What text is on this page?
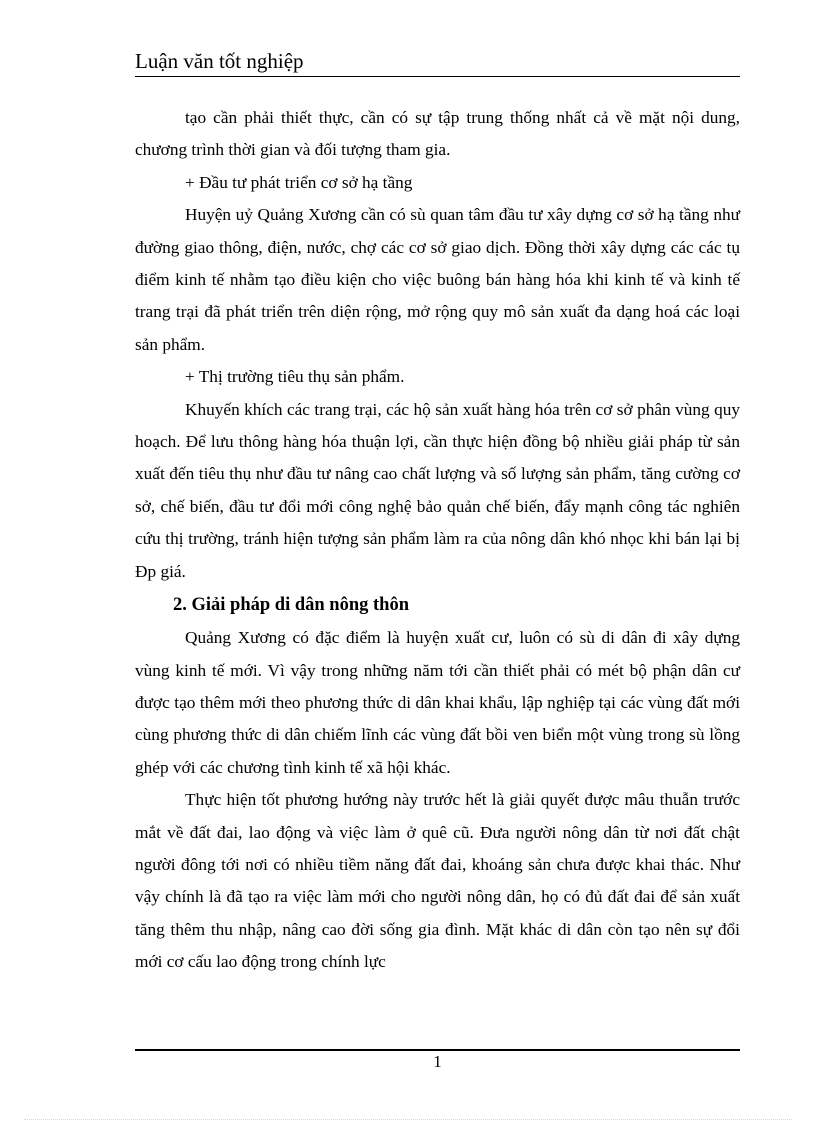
Luận văn tốt nghiệp

tạo cần phải thiết thực, cần có sự tập trung thống nhất cả về mặt nội dung, chương trình thời gian và đối tượng tham gia.

+ Đầu tư phát triển cơ sở hạ tầng

Huyện uỷ Quảng Xương cần có sù quan tâm đầu tư xây dựng cơ sở hạ tầng như đường giao thông, điện, nước, chợ các cơ sở giao dịch. Đồng thời xây dựng các các tụ điểm kinh tế nhằm tạo điều kiện cho việc buông bán hàng hóa khi kinh tế và kinh tế trang trại đã phát triển trên diện rộng, mở rộng quy mô sản xuất đa dạng hoá các loại sản phẩm.

+ Thị trường tiêu thụ sản phẩm.

Khuyến khích các trang trại, các hộ sản xuất hàng hóa trên cơ sở phân vùng quy hoạch. Để lưu thông hàng hóa thuận lợi, cần thực hiện đồng bộ nhiều giải pháp từ sản xuất đến tiêu thụ như đầu tư nâng cao chất lượng và số lượng sản phẩm, tăng cường cơ sở, chế biến, đầu tư đổi mới công nghệ bảo quản chế biến, đẩy mạnh công tác nghiên cứu thị trường, tránh hiện tượng sản phẩm làm ra của nông dân khó nhọc khi bán lại bị Đp giá.

2. Giải pháp di dân nông thôn

Quảng Xương có đặc điểm là huyện xuất cư, luôn có sù di dân đi xây dựng vùng kinh tế mới. Vì vậy trong những năm tới cần thiết phải có mét bộ phận dân cư được tạo thêm mới theo phương thức di dân khai khẩu, lập nghiệp tại các vùng đất mới cùng phương thức di dân chiếm lĩnh các vùng đất bồi ven biển một vùng trong sù lồng ghép với các chương tình kinh tế xã hội khác.

Thực hiện tốt phương hướng này trước hết là giải quyết được mâu thuẫn trước mắt về đất đai, lao động và việc làm ở quê cũ. Đưa người nông dân từ nơi đất chật người đông tới nơi có nhiều tiềm năng đất đai, khoáng sản chưa được khai thác. Như vậy chính là đã tạo ra việc làm mới cho người nông dân, họ có đủ đất đai để sản xuất tăng thêm thu nhập, nâng cao đời sống gia đình. Mặt khác di dân còn tạo nên sự đổi mới cơ cấu lao động trong chính lực

1
